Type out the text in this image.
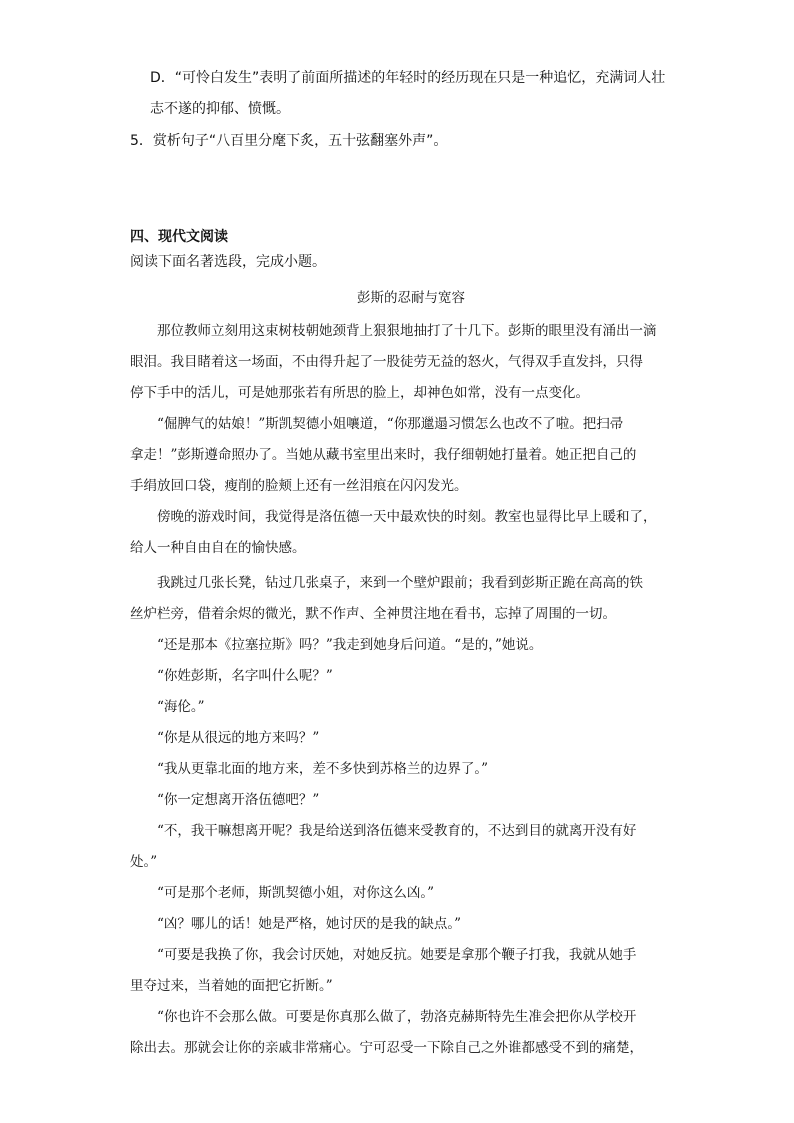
D．“可怜白发生”表明了前面所描述的年轻时的经历现在只是一种追忆，充满词人壮
志不遂的抑郁、愤慨。
5．赏析句子“八百里分麾下炙，五十弦翻塞外声”。
四、现代文阅读
阅读下面名著选段，完成小题。
彭斯的忍耐与宽容
那位教师立刻用这束树枝朝她颈背上狠狠地抽打了十几下。彭斯的眼里没有涌出一滴
眼泪。我目睹着这一场面，不由得升起了一股徒劳无益的怒火，气得双手直发抖，只得
停下手中的活儿，可是她那张若有所思的脸上，却神色如常，没有一点变化。
“倔脾气的姑娘！”斯凯契德小姐嚷道，“你那邋遢习惯怎么也改不了啦。把扫帚
拿走！”彭斯遵命照办了。当她从藏书室里出来时，我仔细朝她打量着。她正把自己的
手绢放回口袋，瘦削的脸颊上还有一丝泪痕在闪闪发光。
傍晚的游戏时间，我觉得是洛伍德一天中最欢快的时刻。教室也显得比早上暖和了，
给人一种自由自在的愉快感。
我跳过几张长凳，钻过几张桌子，来到一个壁炉跟前；我看到彭斯正跪在高高的铁
丝炉栏旁，借着余烬的微光，默不作声、全神贯注地在看书，忘掉了周围的一切。
“还是那本《拉塞拉斯》吗？”我走到她身后问道。“是的，”她说。
“你姓彭斯，名字叫什么呢？”
“海伦。”
“你是从很远的地方来吗？”
“我从更靠北面的地方来，差不多快到苏格兰的边界了。”
“你一定想离开洛伍德吧？”
“不，我干嘛想离开呢？我是给送到洛伍德来受教育的，不达到目的就离开没有好
处。”
“可是那个老师，斯凯契德小姐，对你这么凶。”
“凶？哪儿的话！她是严格，她讨厌的是我的缺点。”
“可要是我换了你，我会讨厌她，对她反抗。她要是拿那个鞭子打我，我就从她手
里夺过来，当着她的面把它折断。”
“你也许不会那么做。可要是你真那么做了，勃洛克赫斯特先生准会把你从学校开
除出去。那就会让你的亲戚非常痛心。宁可忍受一下除自己之外谁都感受不到的痛楚，
